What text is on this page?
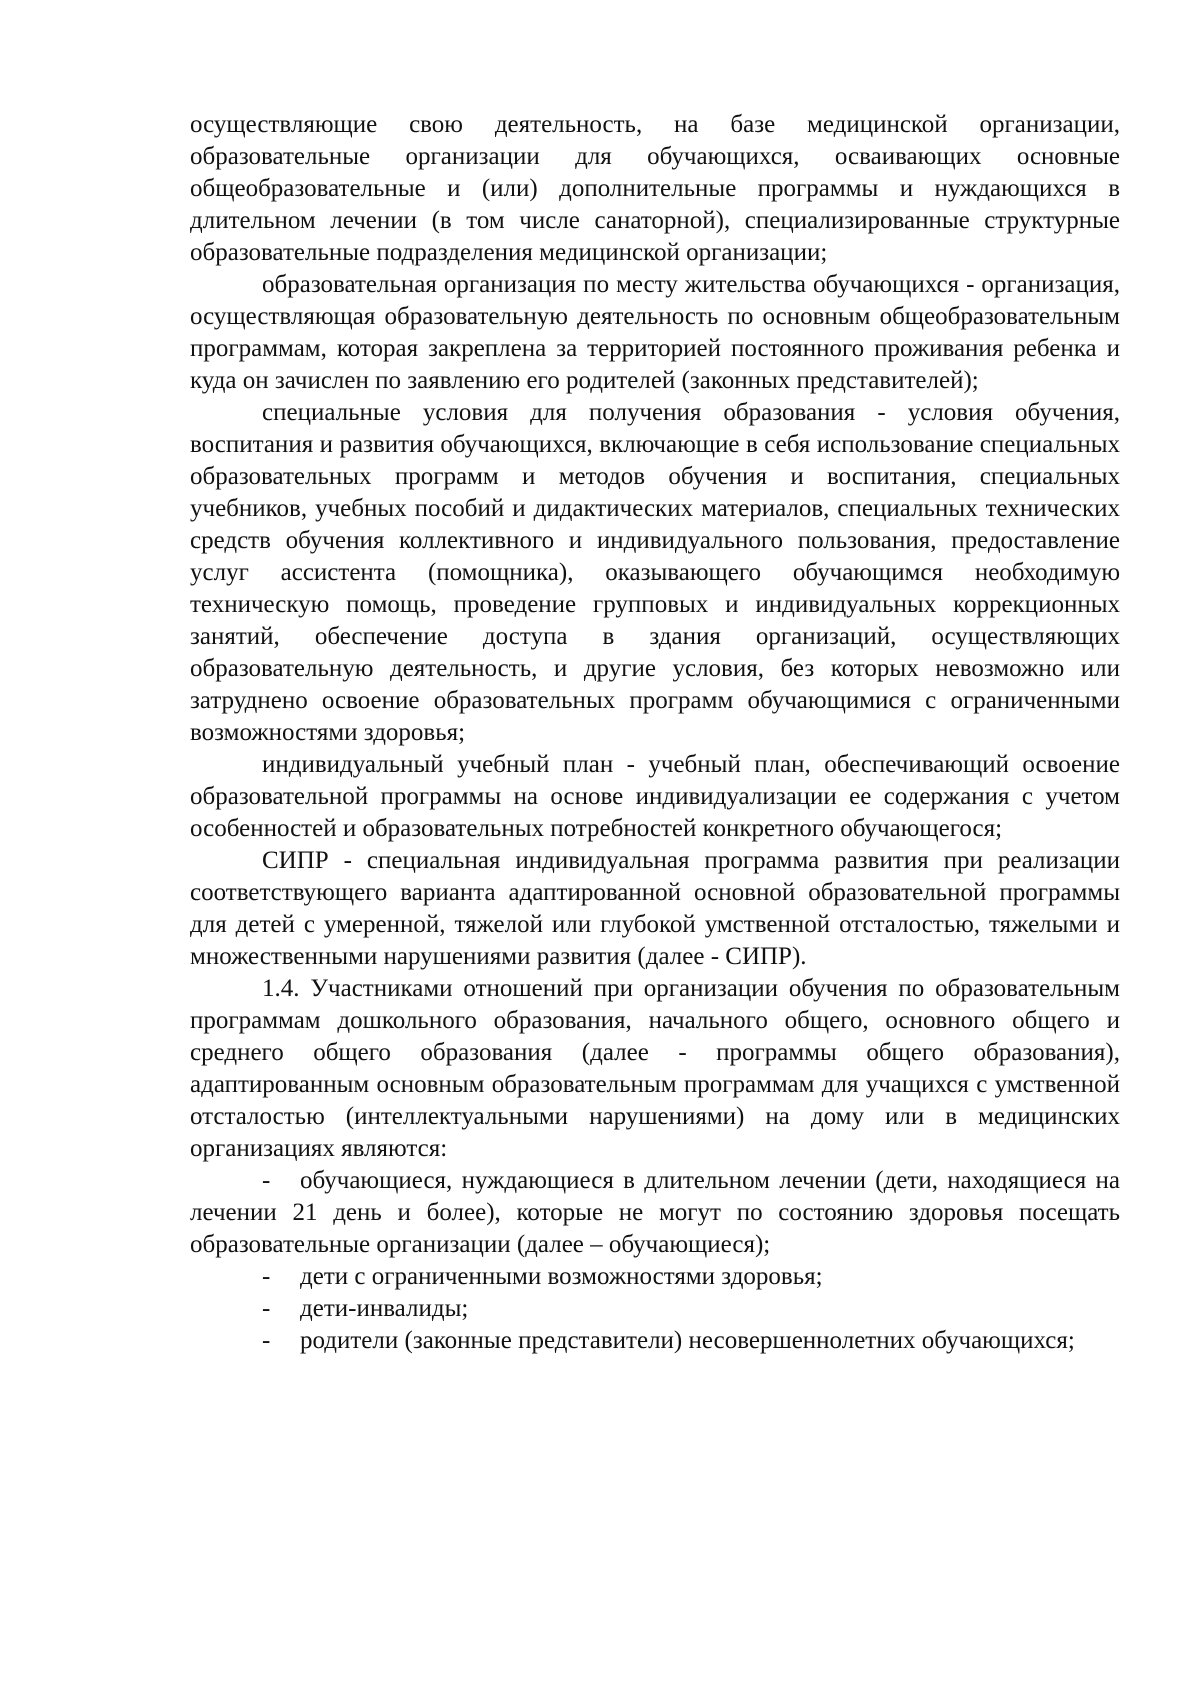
осуществляющие свою деятельность, на базе медицинской организации, образовательные организации для обучающихся, осваивающих основные общеобразовательные и (или) дополнительные программы и нуждающихся в длительном лечении (в том числе санаторной), специализированные структурные образовательные подразделения медицинской организации;

образовательная организация по месту жительства обучающихся - организация, осуществляющая образовательную деятельность по основным общеобразовательным программам, которая закреплена за территорией постоянного проживания ребенка и куда он зачислен по заявлению его родителей (законных представителей);

специальные условия для получения образования - условия обучения, воспитания и развития обучающихся, включающие в себя использование специальных образовательных программ и методов обучения и воспитания, специальных учебников, учебных пособий и дидактических материалов, специальных технических средств обучения коллективного и индивидуального пользования, предоставление услуг ассистента (помощника), оказывающего обучающимся необходимую техническую помощь, проведение групповых и индивидуальных коррекционных занятий, обеспечение доступа в здания организаций, осуществляющих образовательную деятельность, и другие условия, без которых невозможно или затруднено освоение образовательных программ обучающимися с ограниченными возможностями здоровья;

индивидуальный учебный план - учебный план, обеспечивающий освоение образовательной программы на основе индивидуализации ее содержания с учетом особенностей и образовательных потребностей конкретного обучающегося;

СИПР - специальная индивидуальная программа развития при реализации соответствующего варианта адаптированной основной образовательной программы для детей с умеренной, тяжелой или глубокой умственной отсталостью, тяжелыми и множественными нарушениями развития (далее - СИПР).

1.4. Участниками отношений при организации обучения по образовательным программам дошкольного образования, начального общего, основного общего и среднего общего образования (далее - программы общего образования), адаптированным основным образовательным программам для учащихся с умственной отсталостью (интеллектуальными нарушениями) на дому или в медицинских организациях являются:

- обучающиеся, нуждающиеся в длительном лечении (дети, находящиеся на лечении 21 день и более), которые не могут по состоянию здоровья посещать образовательные организации (далее – обучающиеся);

- дети с ограниченными возможностями здоровья;

- дети-инвалиды;

- родители (законные представители) несовершеннолетних обучающихся;
